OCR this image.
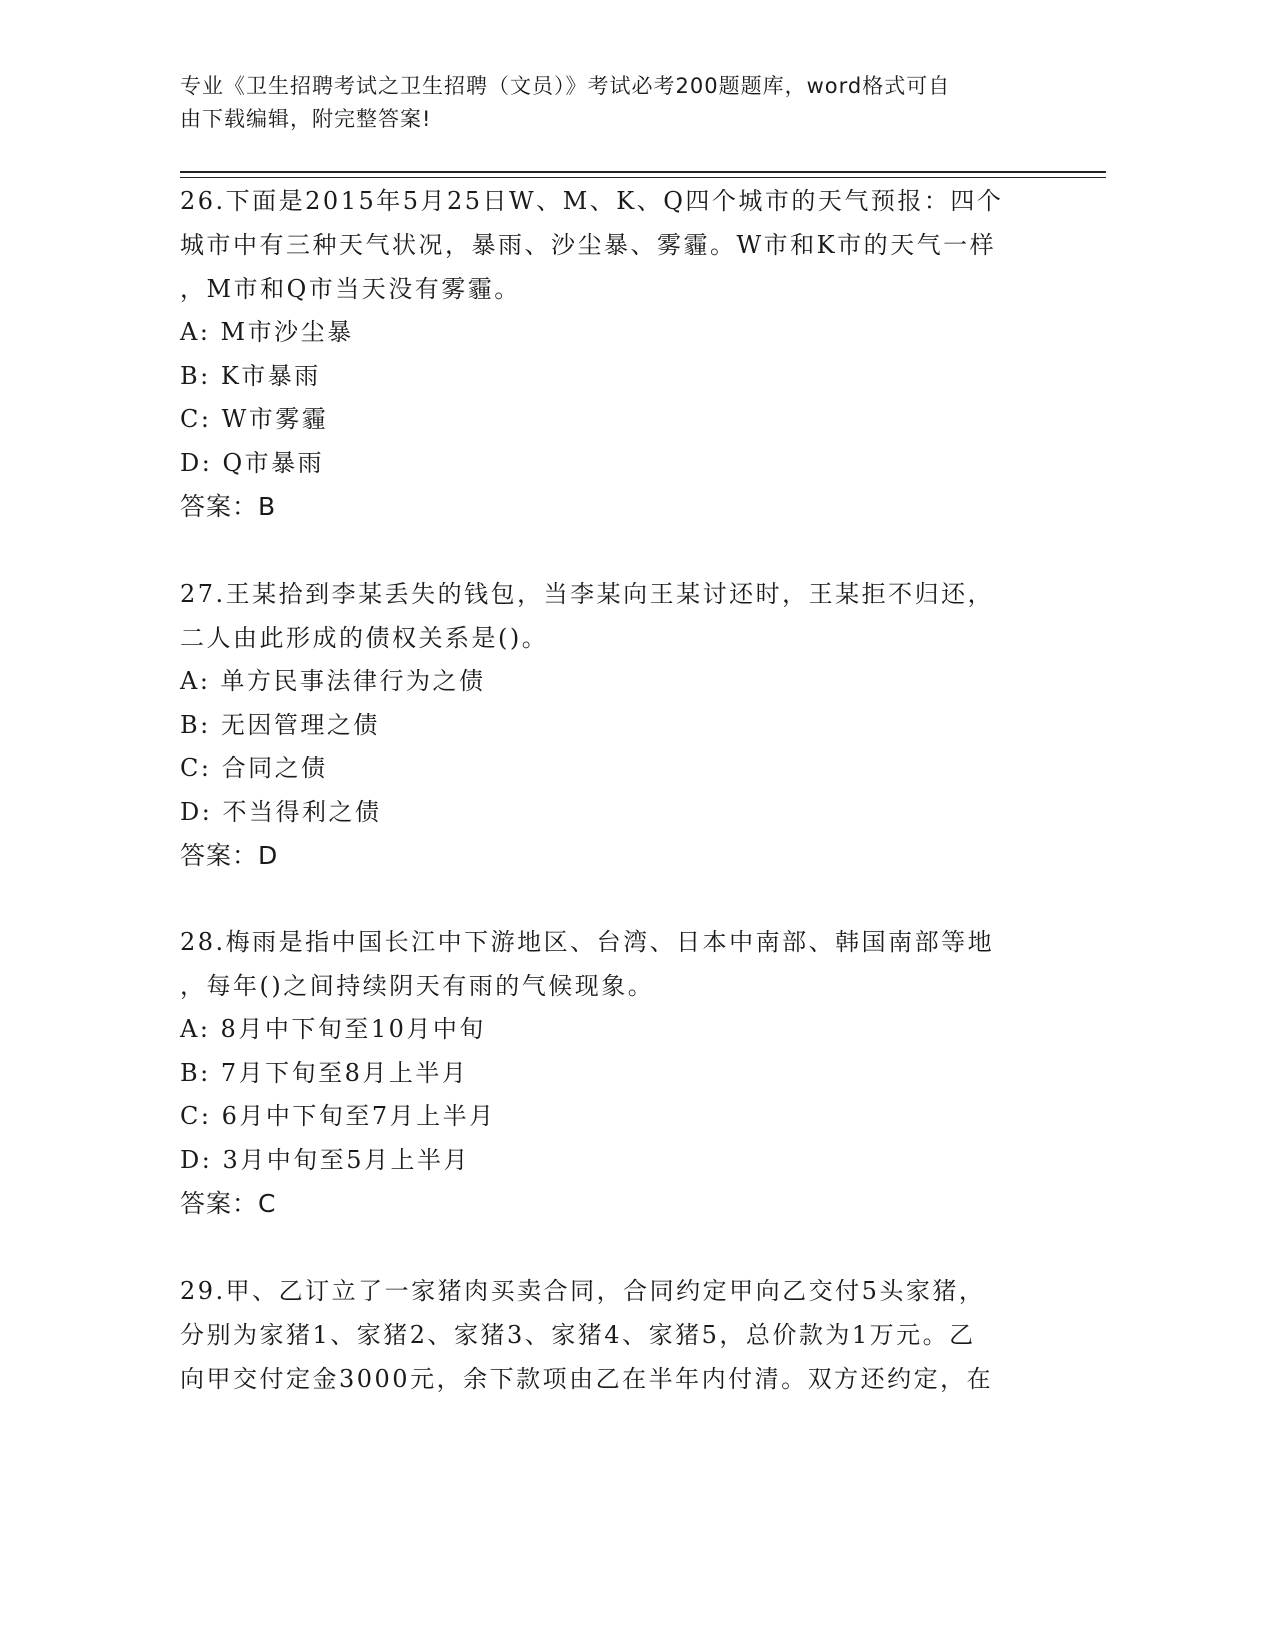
专业《卫生招聘考试之卫生招聘（文员）》考试必考200题题库，word格式可自
由下载编辑，附完整答案!
26.下面是2015年5月25日W、M、K、Q四个城市的天气预报：四个
城市中有三种天气状况，暴雨、沙尘暴、雾霾。W市和K市的天气一样
，M市和Q市当天没有雾霾。
A: M市沙尘暴
B: K市暴雨
C: W市雾霾
D: Q市暴雨
答案：B
27.王某拾到李某丢失的钱包，当李某向王某讨还时，王某拒不归还，
二人由此形成的债权关系是()。
A: 单方民事法律行为之债
B: 无因管理之债
C: 合同之债
D: 不当得利之债
答案：D
28.梅雨是指中国长江中下游地区、台湾、日本中南部、韩国南部等地
，每年()之间持续阴天有雨的气候现象。
A: 8月中下旬至10月中旬
B: 7月下旬至8月上半月
C: 6月中下旬至7月上半月
D: 3月中旬至5月上半月
答案：C
29.甲、乙订立了一家猪肉买卖合同，合同约定甲向乙交付5头家猪，
分别为家猪1、家猪2、家猪3、家猪4、家猪5，总价款为1万元。乙
向甲交付定金3000元，余下款项由乙在半年内付清。双方还约定，在
